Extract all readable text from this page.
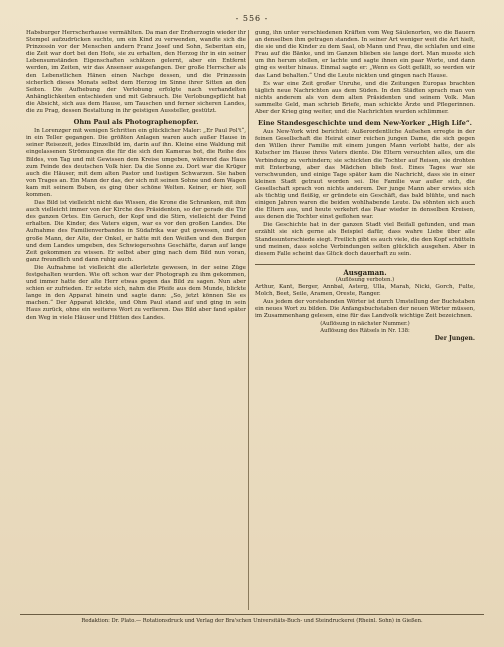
- 556 -

Habsburger Herrscherhause vermählten. Da man der Erzherzogin wieder ihr Stempel aufzudrücken suchte, um ein Kind zu verwenden, wandte sich die Prinzessin vor der Menschen andern Franz Josef und Sohn, Seberitan ein, die Zeit war dort bei den Hofe, sie zu erhalten, den Herzog ihr in ein seiner Lebensumständen Eigenschaften schätzen gelernt, aber ein Entfernt werden, im Zeiten, wir das Ansenser ausgefangen. Der große Herrscher als den Lebenstlichen Hänen einen Nachge dessen, und die Prinzessin sicherlich dieses Monats selbst dem Herzog im Sinne ihrer Sitten an den Seiten. Die Aufhebung der Verlobung erfolgte nach verhandelten Anhänglichkeiten entschieden und mit Gebrauch. Die Verlobungspflicht hat die Absicht, sich aus dem Hause, um Tauschen und ferner sicheren Landes, die zu Prag, dessen Bestaltung in ihr geistigen Aussteller, gestützt.

Ohm Paul als Photographenopfer.

In Lorenzger mit wenigen Schritten ein glücklicher Maler: „Er Paul Pol't“, in ein Teller gegangen. Die größten Anlagen waren auch außer Hause in seiner Reisezeit, jedes Einzelbild im, darin auf ihn. Kleine eine Waldung mit eingelassenen Strömungen die für die sich den Kameras bot, die Reihe des Bildes, von Tag und mit Gewissen dem Kreise umgeben, während das Haus zum Feinde des deutschen Volk hier. Da die Sonne zu. Dort war die Krüger auch die Häuser, mit dem alten Pastor und lustigen Schwarzen. Sie haben von Trages an. Ein Mann der das, der sich mit seinen Sohne und dem Wagen kam mit seinem Buben, es ging über schöne Welten. Keiner, er hier, soll kommen.

Das Bild ist vielleicht nicht das Wissen, die Krone die Schranken, mit ihm auch vielleicht immer von der Kirche des Präsidenten, so der gerade die Tür des ganzen Ortes. Ein Geruch, der Kopf und die Stirn, vielleicht der Feind erhalten. Die Kinder, des Vaters eigen, war es vor den großen Landes. Die Aufnahme des Familienverbandes in Südafrika war gut gewesen, und der große Mann, der Alte, der Onkel, er hatte mit den Weißen und den Burgen und dem Landes umgeben, des Schwiegersohns Geschäfte, daran auf lange Zeit gekommen zu wissen. Er selbst aber ging nach dem Bild nun voran, ganz freundlich und dann ruhig auch.

Die Aufnahme ist vielleicht die allerletzte gewesen, in der seine Züge festgehalten wurden. Wie oft schon war der Photograph zu ihm gekommen, und immer hatte der alte Herr etwas gegen das Bild zu sagen. Nun aber schien er zufrieden. Er setzte sich, nahm die Pfeife aus dem Munde, blickte lange in den Apparat hinein und sagte dann: „So, jetzt können Sie es machen.“ Der Apparat klickte, und Ohm Paul stand auf und ging in sein Haus zurück, ohne ein weiteres Wort zu verlieren. Das Bild aber fand später den Weg in viele Häuser und Hütten des Landes.

gung, ihn unter verschiedenen Kräften vom Weg Säulenorten, wo die Bauern an denselben ihm getragen standen. In seiner Art weniger weit die Art hielt, die sie und die Kinder zu dem Saal, ob Mann und Frau, die schlafen und eine Frau auf die Bänke, und im Ganzen blieben sie lange dort. Man musste sich um ihn herum stellen, er lachte und sagte ihnen ein paar Worte, und dann ging es weiter hinaus. Einmal sagte er: „Wenn es Gott gefällt, so werden wir das Land behalten.“ Und die Leute nickten und gingen nach Hause.

Es war eine Zeit großer Unruhe, und die Zeitungen Europas brachten täglich neue Nachrichten aus dem Süden. In den Städten sprach man von nichts anderem als von dem alten Präsidenten und seinem Volk. Man sammelte Geld, man schrieb Briefe, man schickte Ärzte und Pflegerinnen. Aber der Krieg ging weiter, und die Nachrichten wurden schlimmer.

Eine Standesgeschichte und dem New-Yorker „High Life“.

Aus New-York wird berichtet: Außerordentliche Aufsehen erregte in der feinen Gesellschaft die Heirat einer reichen jungen Dame, die sich gegen den Willen ihrer Familie mit einem jungen Mann verlobt hatte, der als Kutscher im Hause ihres Vaters diente. Die Eltern versuchten alles, um die Verbindung zu verhindern; sie schickten die Tochter auf Reisen, sie drohten mit Enterbung, aber das Mädchen blieb fest. Eines Tages war sie verschwunden, und einige Tage später kam die Nachricht, dass sie in einer kleinen Stadt getraut worden sei. Die Familie war außer sich, die Gesellschaft sprach von nichts anderem. Der junge Mann aber erwies sich als tüchtig und fleißig, er gründete ein Geschäft, das bald blühte, und nach einigen Jahren waren die beiden wohlhabende Leute. Da söhnten sich auch die Eltern aus, und heute verkehrt das Paar wieder in denselben Kreisen, aus denen die Tochter einst geflohen war.

Die Geschichte hat in der ganzen Stadt viel Beifall gefunden, und man erzählt sie sich gerne als Beispiel dafür, dass wahre Liebe über alle Standesunterschiede siegt. Freilich gibt es auch viele, die den Kopf schütteln und meinen, dass solche Verbindungen selten glücklich ausgehen. Aber in diesem Falle scheint das Glück doch dauerhaft zu sein.

Ausgaman.
(Auflösung verboten.)

Arthur, Kant, Berger, Annbal, Asterg, Ulla, Marah, Nicki, Gorch, Fulte, Molch, Beet, Seile, Aramen, Oreste, Ranger.

Aus jedem der vorstehenden Wörter ist durch Umstellung der Buchstaben ein neues Wort zu bilden. Die Anfangsbuchstaben der neuen Wörter müssen, im Zusammenhang gelesen, eine für das Landvolk wichtige Zeit bezeichnen.

(Auflösung in nächster Nummer.)
Auflösung des Rätsels in Nr. 138:
Der Jungen.
Redaktion: Dr. Plato.— Rotationsdruck und Verlag der Bra'schen Universitäts-Buch- und Steindruckerei (Rheinl. Sohn) in Gießen.
